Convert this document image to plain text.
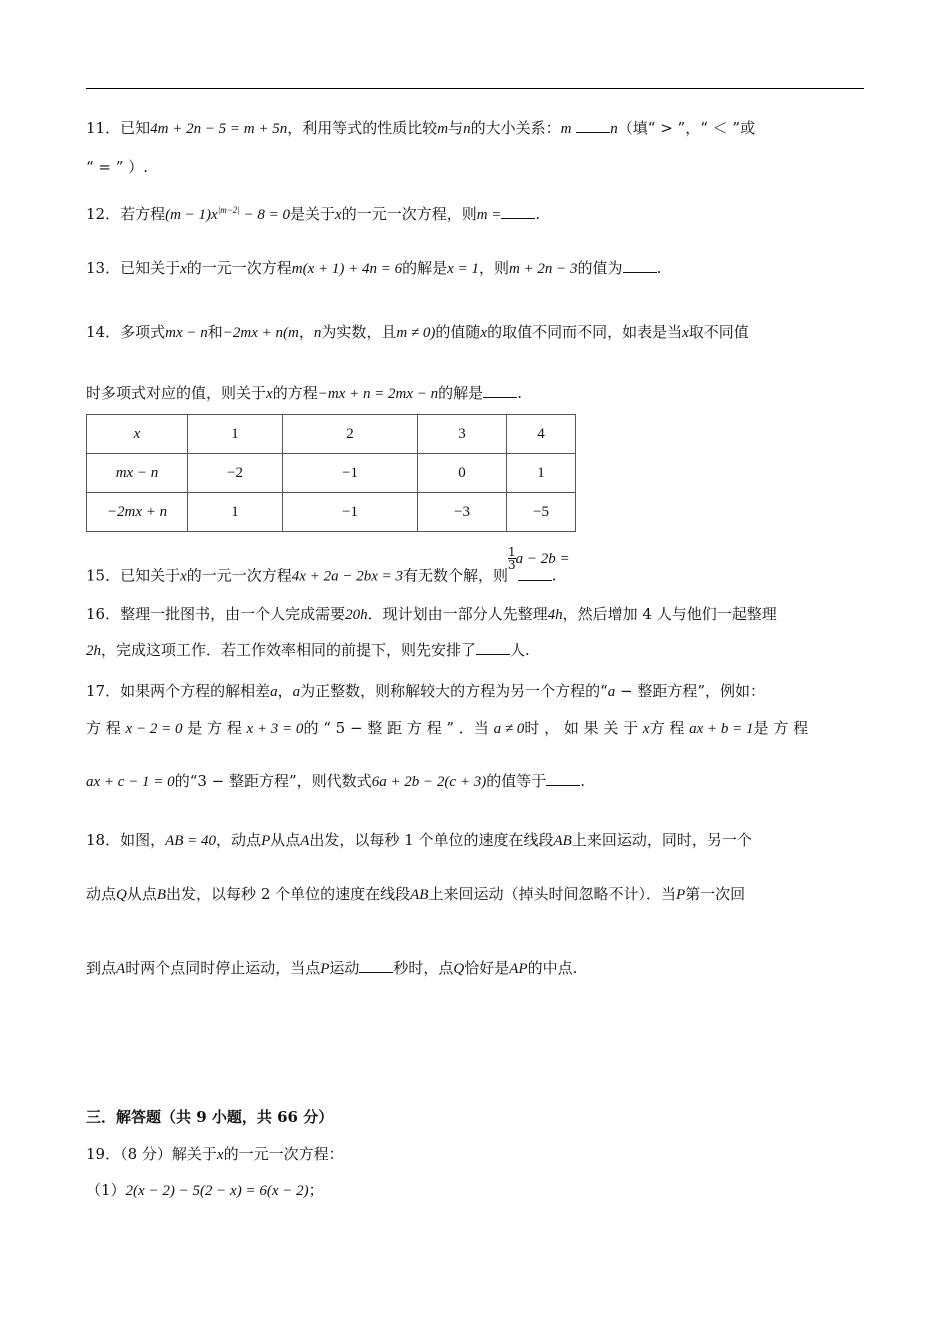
11．已知4m + 2n − 5 = m + 5n，利用等式的性质比较m与n的大小关系：m	n（填“ > ”，“ ＜ ”或
“ = ” ）.
12．若方程$(m - 1)x^{|m-2|} - 8 = 0$是关于x的一元一次方程，则m = .
13．已知关于x的一元一次方程m(x + 1) + 4n = 6的解是x = 1，则m + 2n − 3的值为 .
14．多项式mx − n和−2mx + n(m，n为实数，且m ≠ 0)的值随x的取值不同而不同，如表是当x取不同值
时多项式对应的值，则关于x的方程−mx + n = 2mx − n的解是 .
x	1	2	3	4
mx − n	−2	−1	0	1
−2mx + n	1	−1	−3	−5
15．已知关于x的一元一次方程4x + 2a − 2bx = 3有无数个解，则
$\frac{1}{3}$ a − 2b =.
16．整理一批图书，由一个人完成需要20h．现计划由一部分人先整理4h，然后增加 4 人与他们一起整理
2h，完成这项工作．若工作效率相同的前提下，则先安排了 人.
17．如果两个方程的解相差a，a为正整数，则称解较大的方程为另一个方程的“a − 整距方程”，例如：
方 程 x − 2 = 0 是 方 程 x + 3 = 0的 “ 5 − 整 距 方 程 ” ．当 a ≠ 0时 ， 如 果 关 于 x方 程 ax + b = 1是 方 程
ax + c − 1 = 0的“3 − 整距方程”，则代数式6a + 2b − 2(c + 3)的值等于 .
18．如图，AB = 40，动点P从点A出发，以每秒 1 个单位的速度在线段AB上来回运动，同时，另一个
动点Q从点B出发，以每秒 2 个单位的速度在线段AB上来回运动（掉头时间忽略不计）．当P第一次回
到点A时两个点同时停止运动，当点P运动 秒时，点Q恰好是AP的中点.
三．解答题（共 9 小题，共 66 分）
19．（8 分）解关于x的一元一次方程：
（1）2(x − 2) − 5(2 − x) = 6(x − 2)；
